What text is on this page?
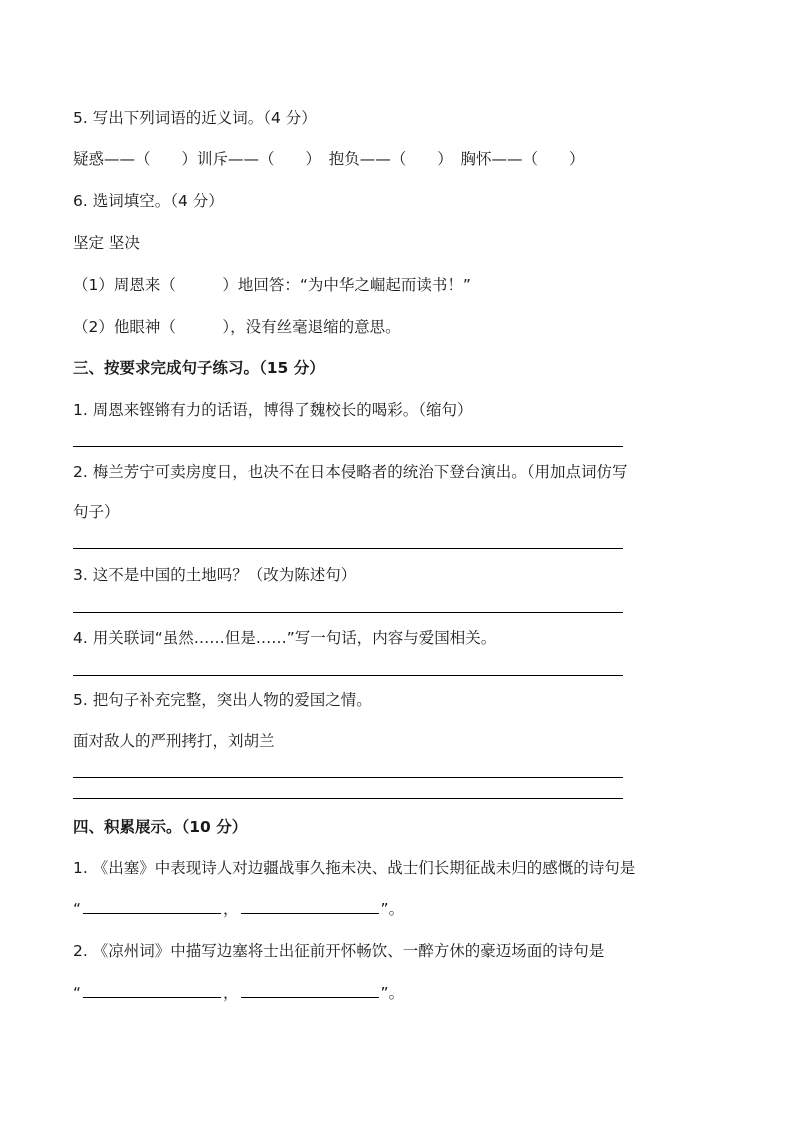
5. 写出下列词语的近义词。（4 分）
疑惑——（　　）训斥——（　　）　抱负——（　　）　胸怀——（　　）
6. 选词填空。（4 分）
坚定 坚决
（1）周恩来（　　　）地回答：“为中华之崛起而读书！”
（2）他眼神（　　　），没有丝毫退缩的意思。
三、按要求完成句子练习。（15 分）
1. 周恩来铿锵有力的话语，博得了魏校长的喝彩。（缩句）
2. 梅兰芳宁可卖房度日，也决不在日本侵略者的统治下登台演出。（用加点词仿写
句子）
3. 这不是中国的土地吗？（改为陈述句）
4. 用关联词“虽然……但是……”写一句话，内容与爱国相关。
5. 把句子补充完整，突出人物的爱国之情。
面对敌人的严刑拷打，刘胡兰
四、积累展示。（10 分）
1. 《出塞》中表现诗人对边疆战事久拖未决、战士们长期征战未归的感慨的诗句是
“	，	”。
2. 《凉州词》中描写边塞将士出征前开怀畅饮、一醉方休的豪迈场面的诗句是
“	，	”。
